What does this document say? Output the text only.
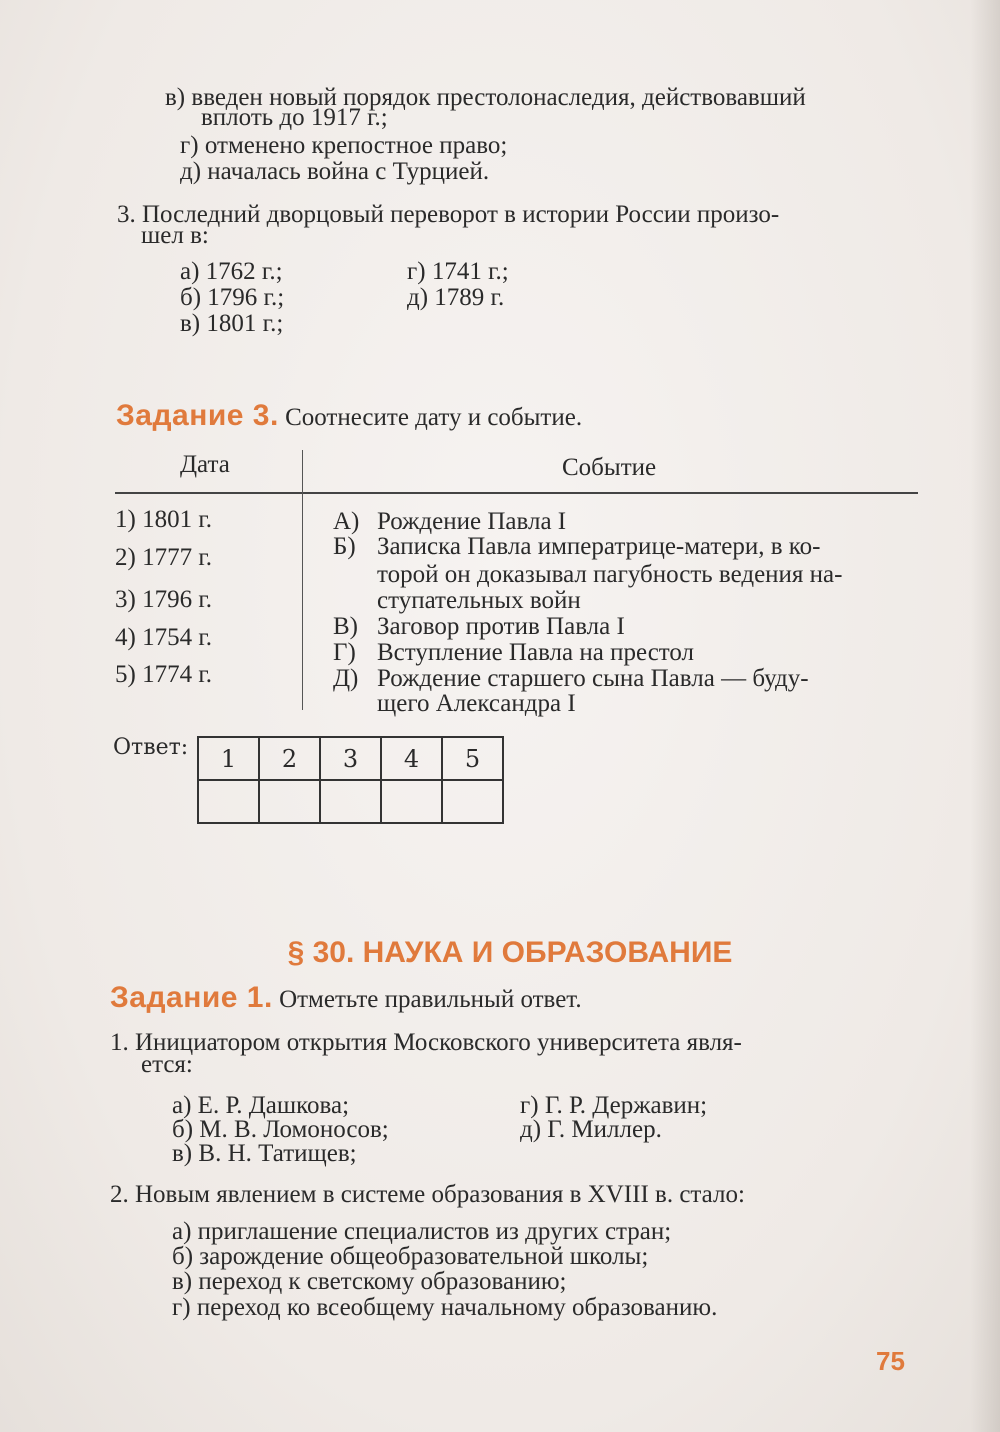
в) введен новый порядок престолонаследия, действовавший
вплоть до 1917 г.;
г) отменено крепостное право;
д) началась война с Турцией.
3. Последний дворцовый переворот в истории России произо-
шел в:
а) 1762 г.;
б) 1796 г.;
в) 1801 г.;
г) 1741 г.;
д) 1789 г.
Задание 3. Соотнесите дату и событие.
Дата	Событие
1) 1801 г.
2) 1777 г.
3) 1796 г.
4) 1754 г.
5) 1774 г.
А) Рождение Павла I
Б) Записка Павла императрице-матери, в ко-
торой он доказывал пагубность ведения на-
ступательных войн
В) Заговор против Павла I
Г) Вступление Павла на престол
Д) Рождение старшего сына Павла — буду-
щего Александра I
Ответ: 1	2	3	4	5

§ 30. НАУКА И ОБРАЗОВАНИЕ
Задание 1. Отметьте правильный ответ.
1. Инициатором открытия Московского университета явля-
ется:
а) Е. Р. Дашкова;
б) М. В. Ломоносов;
в) В. Н. Татищев;
г) Г. Р. Державин;
д) Г. Миллер.
2. Новым явлением в системе образования в XVIII в. стало:
а) приглашение специалистов из других стран;
б) зарождение общеобразовательной школы;
в) переход к светскому образованию;
г) переход ко всеобщему начальному образованию.
75
